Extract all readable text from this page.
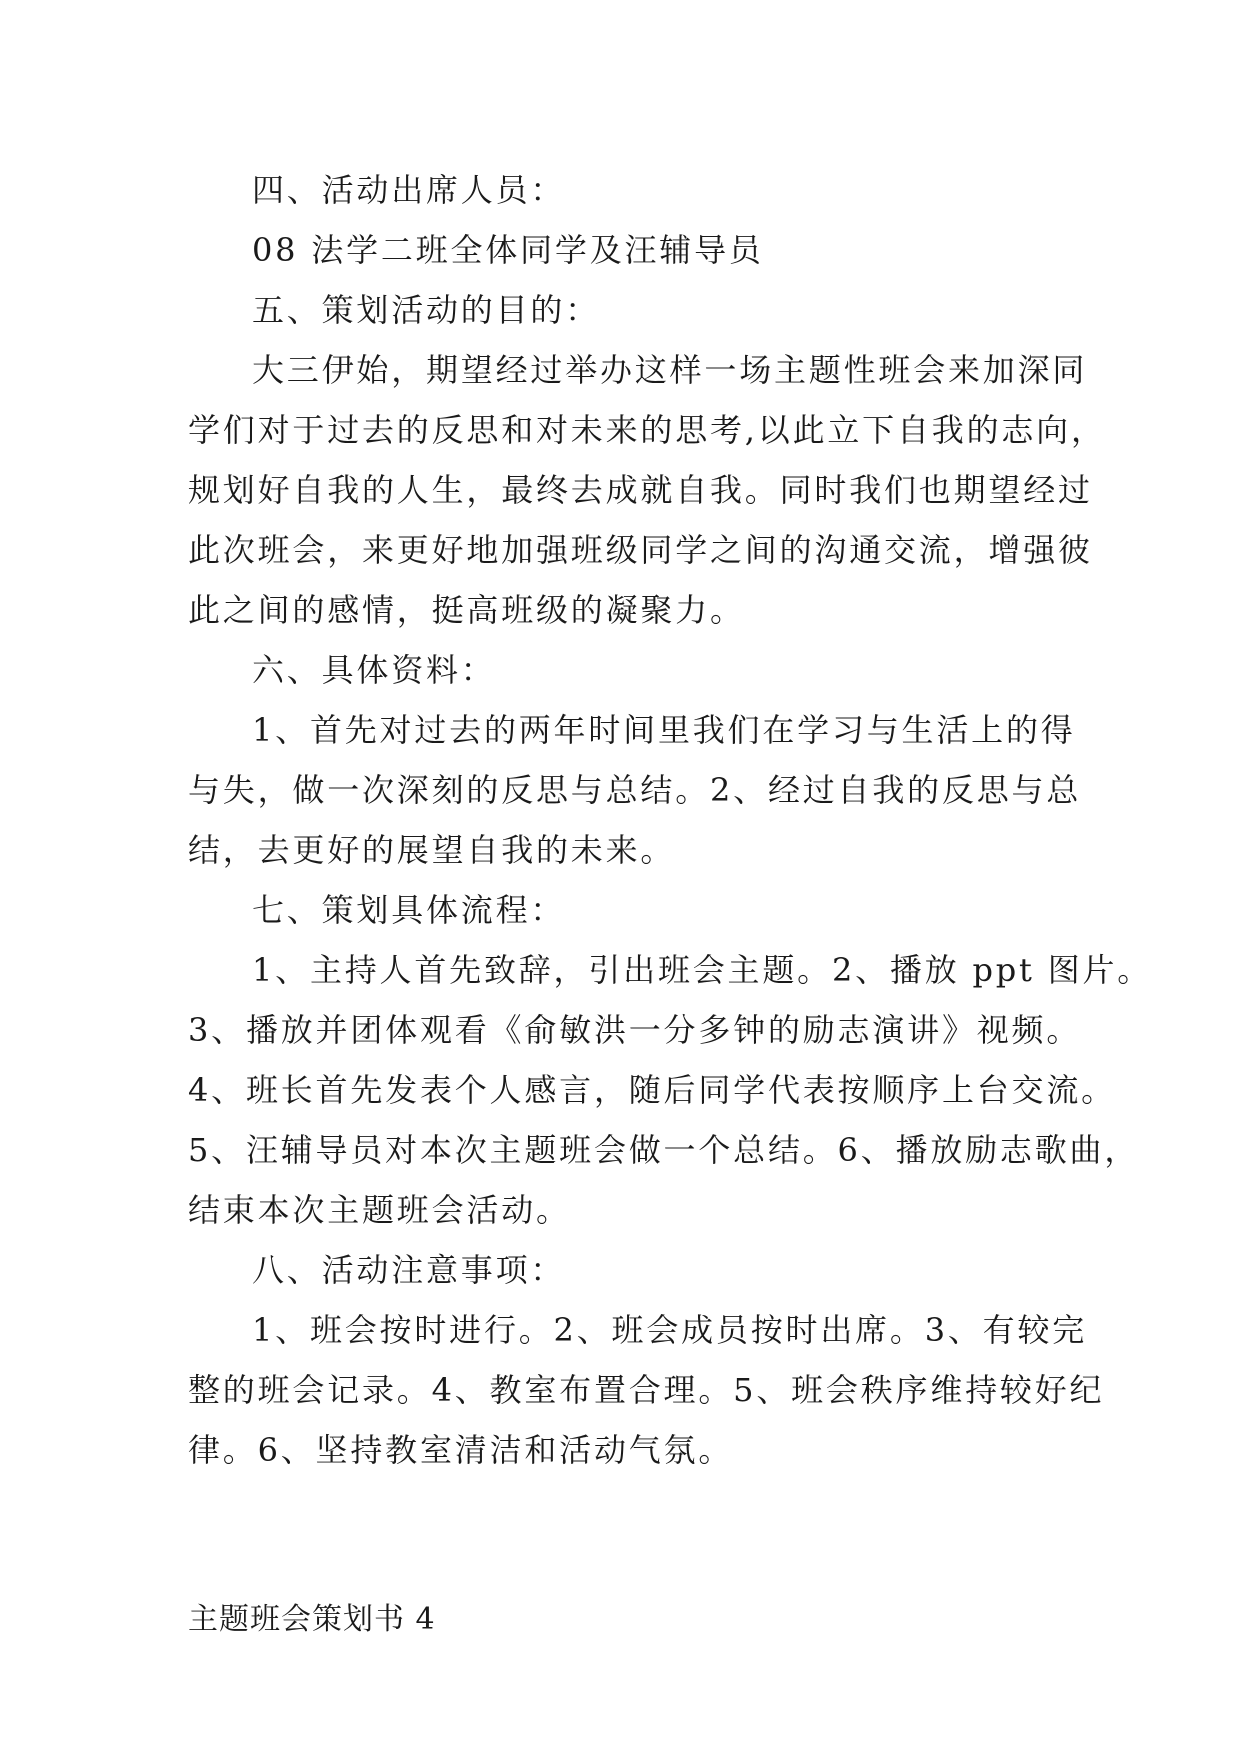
四、活动出席人员：
08 法学二班全体同学及汪辅导员
五、策划活动的目的：
大三伊始，期望经过举办这样一场主题性班会来加深同
学们对于过去的反思和对未来的思考,以此立下自我的志向，
规划好自我的人生，最终去成就自我。同时我们也期望经过
此次班会，来更好地加强班级同学之间的沟通交流，增强彼
此之间的感情，挺高班级的凝聚力。
六、具体资料：
1、首先对过去的两年时间里我们在学习与生活上的得
与失，做一次深刻的反思与总结。2、经过自我的反思与总
结，去更好的展望自我的未来。
七、策划具体流程：
1、主持人首先致辞，引出班会主题。2、播放 ppt 图片。
3、播放并团体观看《俞敏洪一分多钟的励志演讲》视频。
4、班长首先发表个人感言，随后同学代表按顺序上台交流。
5、汪辅导员对本次主题班会做一个总结。6、播放励志歌曲，
结束本次主题班会活动。
八、活动注意事项：
1、班会按时进行。2、班会成员按时出席。3、有较完
整的班会记录。4、教室布置合理。5、班会秩序维持较好纪
律。6、坚持教室清洁和活动气氛。
主题班会策划书 4
